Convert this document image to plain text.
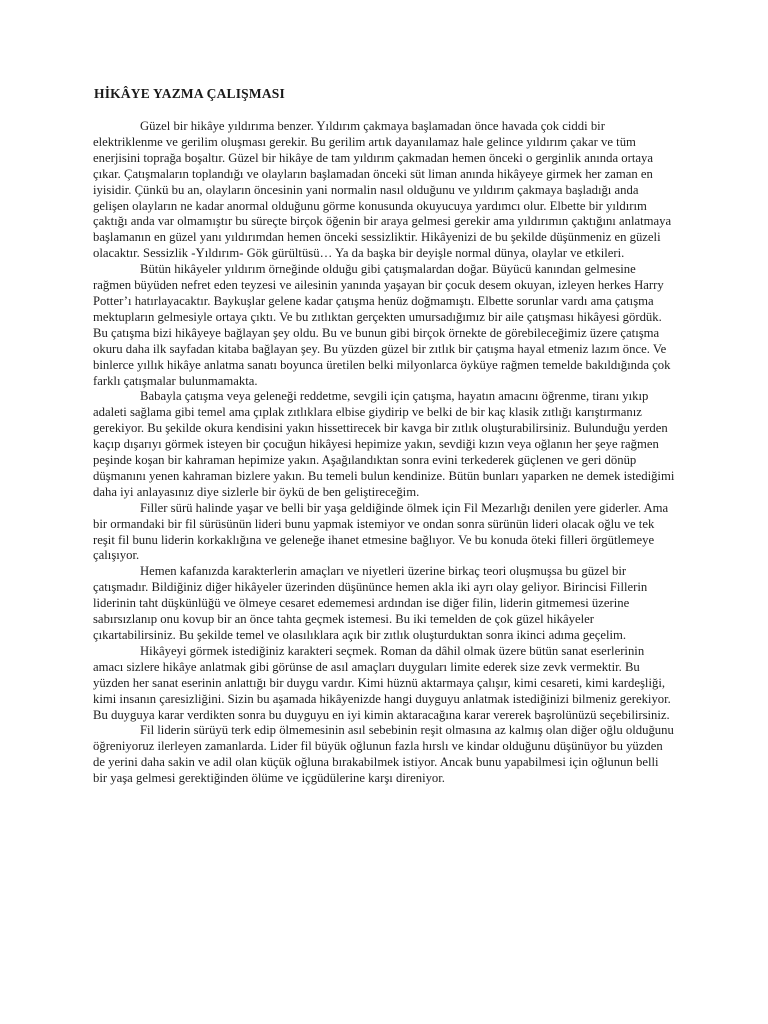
HİKÂYE YAZMA ÇALIŞMASI

Güzel bir hikâye yıldırıma benzer. Yıldırım çakmaya başlamadan önce havada çok ciddi bir elektriklenme ve gerilim oluşması gerekir. Bu gerilim artık dayanılamaz hale gelince yıldırım çakar ve tüm enerjisini toprağa boşaltır. Güzel bir hikâye de tam yıldırım çakmadan hemen önceki o gerginlik anında ortaya çıkar. Çatışmaların toplandığı ve olayların başlamadan önceki süt liman anında hikâyeye girmek her zaman en iyisidir. Çünkü bu an, olayların öncesinin yani normalin nasıl olduğunu ve yıldırım çakmaya başladığı anda gelişen olayların ne kadar anormal olduğunu görme konusunda okuyucuya yardımcı olur. Elbette bir yıldırım çaktığı anda var olmamıştır bu süreçte birçok öğenin bir araya gelmesi gerekir ama yıldırımın çaktığını anlatmaya başlamanın en güzel yanı yıldırımdan hemen önceki sessizliktir. Hikâyenizi de bu şekilde düşünmeniz en güzeli olacaktır. Sessizlik -Yıldırım- Gök gürültüsü… Ya da başka bir deyişle normal dünya, olaylar ve etkileri.

Bütün hikâyeler yıldırım örneğinde olduğu gibi çatışmalardan doğar. Büyücü kanından gelmesine rağmen büyüden nefret eden teyzesi ve ailesinin yanında yaşayan bir çocuk desem okuyan, izleyen herkes Harry Potter’ı hatırlayacaktır. Baykuşlar gelene kadar çatışma henüz doğmamıştı. Elbette sorunlar vardı ama çatışma mektupların gelmesiyle ortaya çıktı. Ve bu zıtlıktan gerçekten umursadığımız bir aile çatışması hikâyesi gördük. Bu çatışma bizi hikâyeye bağlayan şey oldu. Bu ve bunun gibi birçok örnekte de görebileceğimiz üzere çatışma okuru daha ilk sayfadan kitaba bağlayan şey. Bu yüzden güzel bir zıtlık bir çatışma hayal etmeniz lazım önce. Ve binlerce yıllık hikâye anlatma sanatı boyunca üretilen belki milyonlarca öyküye rağmen temelde bakıldığında çok farklı çatışmalar bulunmamakta.

Babayla çatışma veya geleneği reddetme, sevgili için çatışma, hayatın amacını öğrenme, tiranı yıkıp adaleti sağlama gibi temel ama çıplak zıtlıklara elbise giydirip ve belki de bir kaç klasik zıtlığı karıştırmanız gerekiyor. Bu şekilde okura kendisini yakın hissettirecek bir kavga bir zıtlık oluşturabilirsiniz. Bulunduğu yerden kaçıp dışarıyı görmek isteyen bir çocuğun hikâyesi hepimize yakın, sevdiği kızın veya oğlanın her şeye rağmen peşinde koşan bir kahraman hepimize yakın. Aşağılandıktan sonra evini terkederek güçlenen ve geri dönüp düşmanını yenen kahraman bizlere yakın. Bu temeli bulun kendinize. Bütün bunları yaparken ne demek istediğimi daha iyi anlayasınız diye sizlerle bir öykü de ben geliştireceğim.

Filler sürü halinde yaşar ve belli bir yaşa geldiğinde ölmek için Fil Mezarlığı denilen yere giderler. Ama bir ormandaki bir fil sürüsünün lideri bunu yapmak istemiyor ve ondan sonra sürünün lideri olacak oğlu ve tek reşit fil bunu liderin korkaklığına ve geleneğe ihanet etmesine bağlıyor. Ve bu konuda öteki filleri örgütlemeye çalışıyor.

Hemen kafanızda karakterlerin amaçları ve niyetleri üzerine birkaç teori oluşmuşsa bu güzel bir çatışmadır. Bildiğiniz diğer hikâyeler üzerinden düşününce hemen akla iki ayrı olay geliyor. Birincisi Fillerin liderinin taht düşkünlüğü ve ölmeye cesaret edememesi ardından ise diğer filin, liderin gitmemesi üzerine sabırsızlanıp onu kovup bir an önce tahta geçmek istemesi. Bu iki temelden de çok güzel hikâyeler çıkartabilirsiniz. Bu şekilde temel ve olasılıklara açık bir zıtlık oluşturduktan sonra ikinci adıma geçelim.

Hikâyeyi görmek istediğiniz karakteri seçmek. Roman da dâhil olmak üzere bütün sanat eserlerinin amacı sizlere hikâye anlatmak gibi görünse de asıl amaçları duyguları limite ederek size zevk vermektir. Bu yüzden her sanat eserinin anlattığı bir duygu vardır. Kimi hüznü aktarmaya çalışır, kimi cesareti, kimi kardeşliği, kimi insanın çaresizliğini. Sizin bu aşamada hikâyenizde hangi duyguyu anlatmak istediğinizi bilmeniz gerekiyor. Bu duyguya karar verdikten sonra bu duyguyu en iyi kimin aktaracağına karar vererek başrolünüzü seçebilirsiniz.

Fil liderin sürüyü terk edip ölmemesinin asıl sebebinin reşit olmasına az kalmış olan diğer oğlu olduğunu öğreniyoruz ilerleyen zamanlarda. Lider fil büyük oğlunun fazla hırslı ve kindar olduğunu düşünüyor bu yüzden de yerini daha sakin ve adil olan küçük oğluna bırakabilmek istiyor. Ancak bunu yapabilmesi için oğlunun belli bir yaşa gelmesi gerektiğinden ölüme ve içgüdülerine karşı direniyor.
